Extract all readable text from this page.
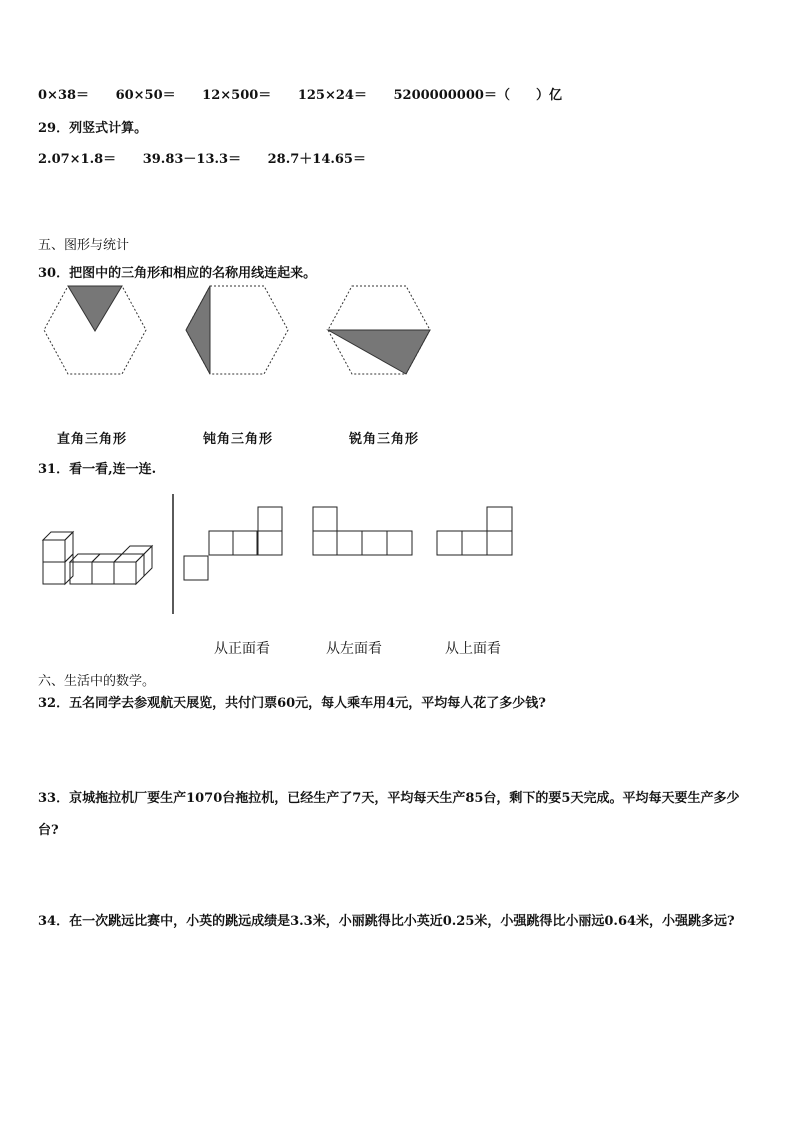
0×38＝ 60×50＝ 12×500＝ 125×24＝ 5200000000＝（　　）亿
29．列竖式计算。
2.07×1.8＝ 39.83－13.3＝ 28.7＋14.65＝
五、图形与统计
30．把图中的三角形和相应的名称用线连起来。
直角三角形	钝角三角形	锐角三角形
31．看一看,连一连.
从正面看	从左面看	从上面看
六、生活中的数学。
32．五名同学去参观航天展览，共付门票60元，每人乘车用4元，平均每人花了多少钱?
33．京城拖拉机厂要生产1070台拖拉机，已经生产了7天，平均每天生产85台，剩下的要5天完成。平均每天要生产多少台?
34．在一次跳远比赛中，小英的跳远成绩是3.3米，小丽跳得比小英近0.25米，小强跳得比小丽远0.64米，小强跳多远?
